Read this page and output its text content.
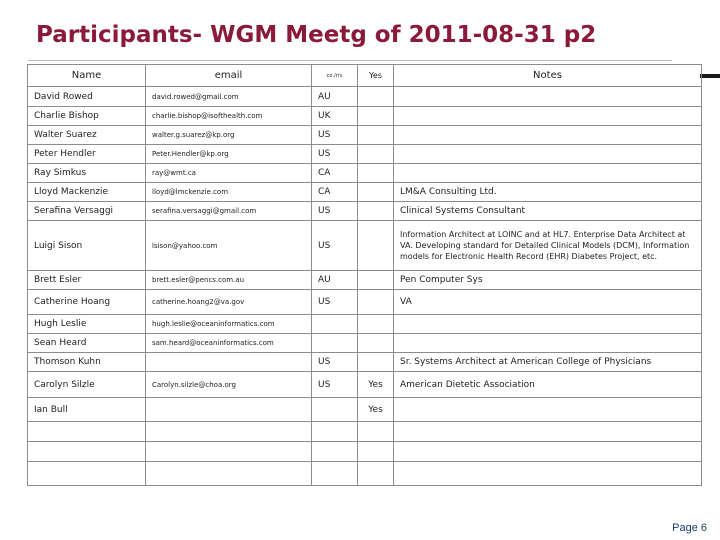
Participants- WGM Meetg of 2011-08-31 p2
Name	email	co./r/v	Yes	Notes
David Rowed	david.rowed@gmail.com	AU		
Charlie Bishop	charlie.bishop@isofthealth.com	UK		
Walter Suarez	walter.g.suarez@kp.org	US		
Peter Hendler	Peter.Hendler@kp.org	US		
Ray Simkus	ray@wmt.ca	CA		
Lloyd Mackenzie	lloyd@lmckenzie.com	CA		LM&A Consulting Ltd.
Serafina Versaggi	serafina.versaggi@gmail.com	US		Clinical Systems Consultant
Luigi Sison	lsison@yahoo.com	US		Information Architect at LOINC and at HL7. Enterprise Data Architect at VA. Developing standard for Detailed Clinical Models (DCM), Information models for Electronic Health Record (EHR) Diabetes Project, etc.
Brett Esler	brett.esler@pencs.com.au	AU		Pen Computer Sys
Catherine Hoang	catherine.hoang2@va.gov	US		VA
Hugh Leslie	hugh.leslie@oceaninformatics.com			
Sean Heard	sam.heard@oceaninformatics.com			
Thomson Kuhn		US		Sr. Systems Architect at American College of Physicians
Carolyn Silzle	Carolyn.silzle@choa.org	US	Yes	American Dietetic Association
Ian Bull			Yes	

Page 6
